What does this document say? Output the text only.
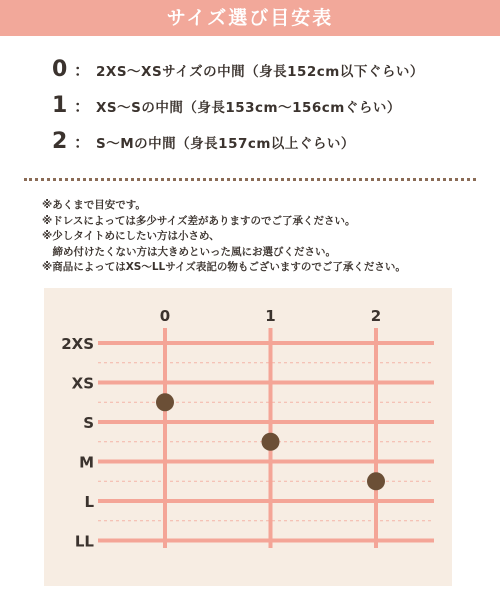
サイズ選び目安表
0 ： 2XS～XSサイズの中間（身長152cm以下ぐらい）
1 ： XS～Sの中間（身長153cm～156cmぐらい）
2 ： S～Mの中間（身長157cm以上ぐらい）
※あくまで目安です。
※ドレスによっては多少サイズ差がありますのでご了承ください。
※少しタイトめにしたい方は小さめ、
　締め付けたくない方は大きめといった風にお選びください。
※商品によってはXS～LLサイズ表記の物もございますのでご了承ください。
2XS
XS
S
M
L
LL
0	1	2
